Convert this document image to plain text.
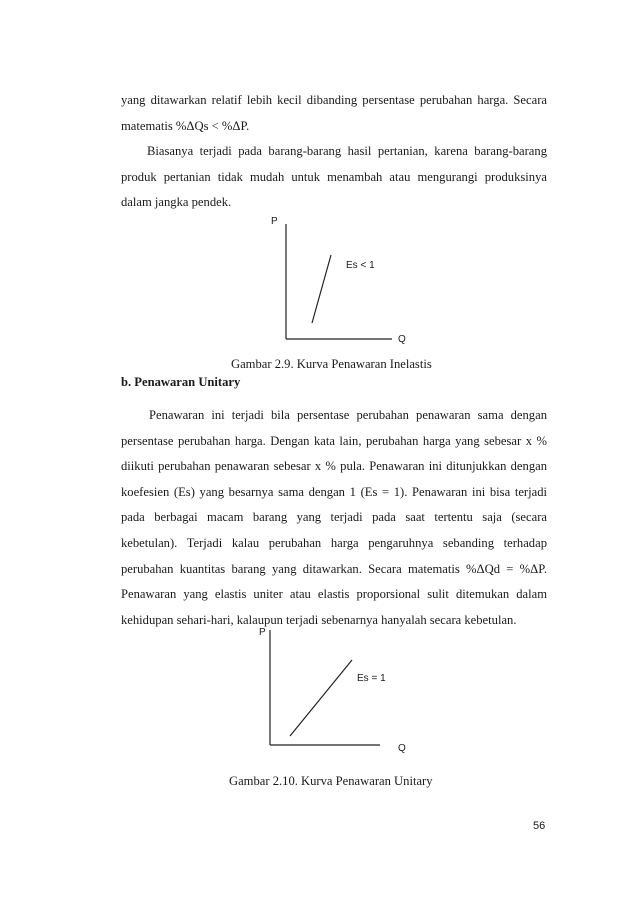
yang ditawarkan relatif lebih kecil dibanding persentase perubahan harga. Secara
matematis %ΔQs < %ΔP.

Biasanya terjadi pada barang-barang hasil pertanian, karena barang-barang
produk pertanian tidak mudah untuk menambah atau mengurangi produksinya
dalam jangka pendek.

P
Q
Es < 1

Gambar 2.9. Kurva Penawaran Inelastis

b. Penawaran Unitary

Penawaran ini terjadi bila persentase perubahan penawaran sama dengan
persentase perubahan harga. Dengan kata lain, perubahan harga yang sebesar x %
diikuti perubahan penawaran sebesar x % pula. Penawaran ini ditunjukkan dengan
koefesien (Es) yang besarnya sama dengan 1 (Es = 1). Penawaran ini bisa terjadi
pada berbagai macam barang yang terjadi pada saat tertentu saja (secara
kebetulan). Terjadi kalau perubahan harga pengaruhnya sebanding terhadap
perubahan kuantitas barang yang ditawarkan. Secara matematis %ΔQd = %ΔP.
Penawaran yang elastis uniter atau elastis proporsional sulit ditemukan dalam
kehidupan sehari-hari, kalaupun terjadi sebenarnya hanyalah secara kebetulan.

P
Q
Es = 1

Gambar 2.10. Kurva Penawaran Unitary

56
